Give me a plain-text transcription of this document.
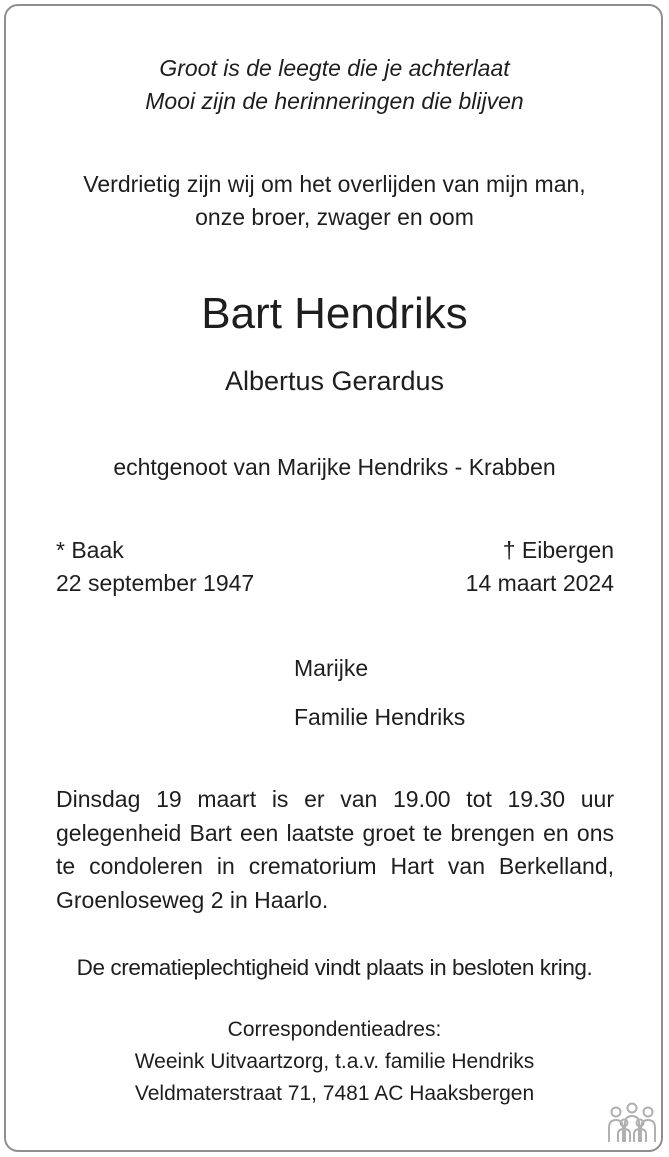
Groot is de leegte die je achterlaat
Mooi zijn de herinneringen die blijven
Verdrietig zijn wij om het overlijden van mijn man,
onze broer, zwager en oom
Bart Hendriks
Albertus Gerardus
echtgenoot van Marijke Hendriks - Krabben
* Baak
22 september 1947
† Eibergen
14 maart 2024
Marijke
Familie Hendriks
Dinsdag 19 maart is er van 19.00 tot 19.30 uur gelegenheid Bart een laatste groet te brengen en ons te condoleren in crematorium Hart van Berkelland, Groenloseweg 2 in Haarlo.
De crematieplechtigheid vindt plaats in besloten kring.
Correspondentieadres:
Weeink Uitvaartzorg, t.a.v. familie Hendriks
Veldmaterstraat 71, 7481 AC Haaksbergen
